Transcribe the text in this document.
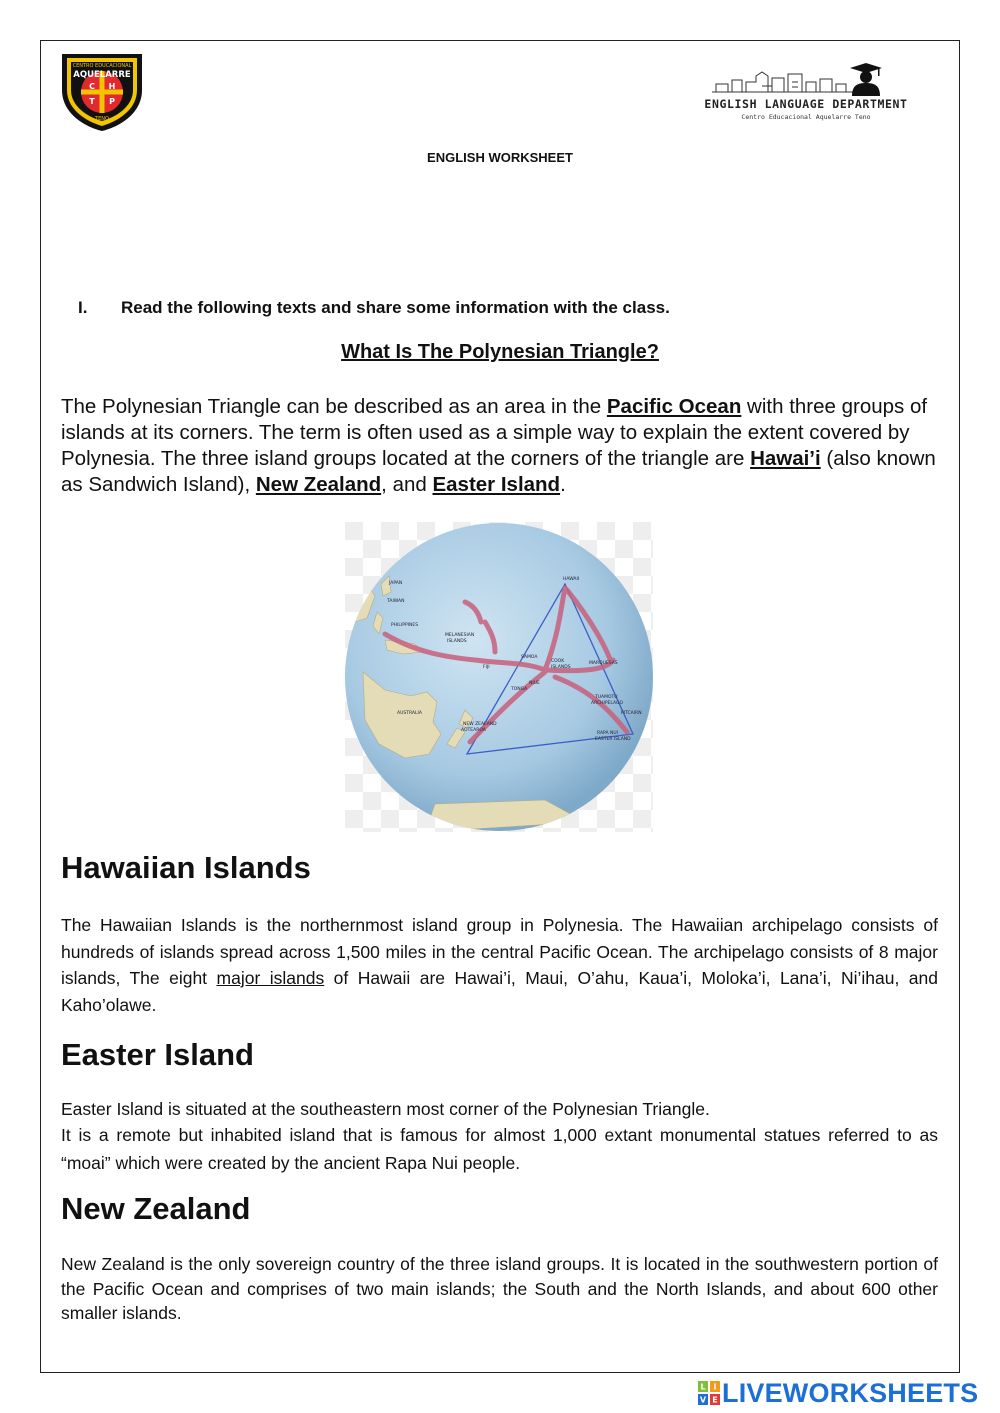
CENTRO EDUCACIONAL
AQUELARRE
C H
T P
TENO
ENGLISH LANGUAGE DEPARTMENT
Centro Educacional Aquelarre Teno
ENGLISH WORKSHEET
I. Read the following texts and share some information with the class.
What Is The Polynesian Triangle?

The Polynesian Triangle can be described as an area in the Pacific Ocean with three groups of islands at its corners. The term is often used as a simple way to explain the extent covered by Polynesia. The three island groups located at the corners of the triangle are Hawai’i (also known as Sandwich Island), New Zealand, and Easter Island.

HAWAII
JAPAN
TAIWAN
PHILIPPINES
MELANESIAN
ISLANDS
SAMOA
FIJI
TONGA
NIUE
COOK
ISLANDS
MARQUESAS
TUAMOTU
ARCHIPELAGO
PITCAIRN
RAPA NUI
EASTER ISLAND
AUSTRALIA
NEW ZEALAND
AOTEAROA
Hawaiian Islands

The Hawaiian Islands is the northernmost island group in Polynesia. The Hawaiian archipelago consists of hundreds of islands spread across 1,500 miles in the central Pacific Ocean. The archipelago consists of 8 major islands, The eight major islands of Hawaii are Hawai’i, Maui, O’ahu, Kaua’i, Moloka’i, Lana’i, Ni’ihau, and Kaho’olawe.

Easter Island

Easter Island is situated at the southeastern most corner of the Polynesian Triangle.

It is a remote but inhabited island that is famous for almost 1,000 extant monumental statues referred to as “moai” which were created by the ancient Rapa Nui people.

New Zealand

New Zealand is the only sovereign country of the three island groups. It is located in the southwestern portion of the Pacific Ocean and comprises of two main islands; the South and the North Islands, and about 600 other smaller islands.

L I
V E LIVEWORKSHEETS
